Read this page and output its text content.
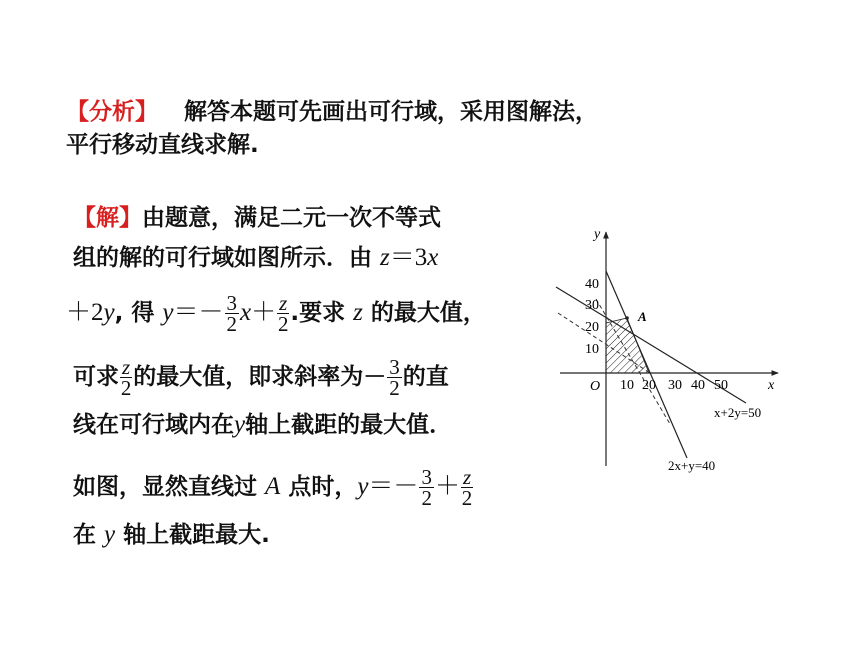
【分析】 解答本题可先画出可行域，采用图解法，
平行移动直线求解.
【解】由题意，满足二元一次不等式
组的解的可行域如图所示．由 z＝3x
＋2y, 得 $y=- \frac{3}{2} x+ \frac{z}{2}$ .要求 z 的最大值，
可求 $\frac{z}{2}$ 的最大值，即求斜率为－ $\frac{3}{2}$ 的直
线在可行域内在y轴上截距的最大值．
如图，显然直线过 A 点时，$y=- \frac{3}{2} + \frac{z}{2}$
在 y 轴上截距最大.
A
y
x
O 10 20 30 40 50
10
20
30
40
x+2y=50
2x+y=40
